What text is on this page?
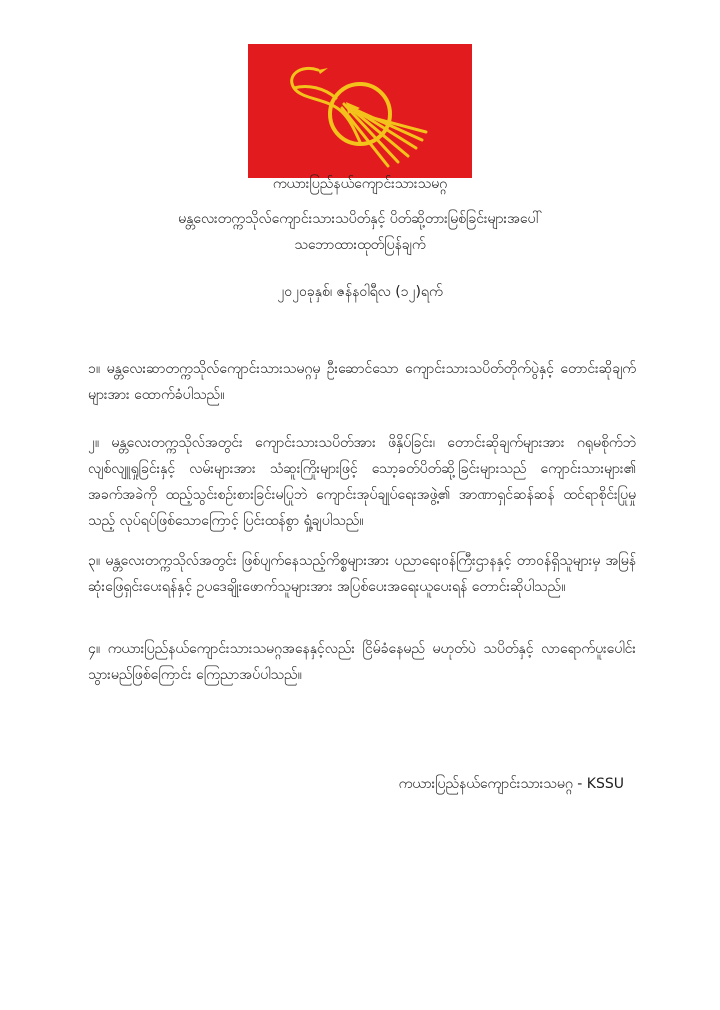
ကယားပြည်နယ်ကျောင်းသားသမဂ္ဂ
မန္တလေးတက္ကသိုလ်ကျောင်းသားသပိတ်နှင့် ပိတ်ဆို့တားမြစ်ခြင်းများအပေါ်
သဘောထားထုတ်ပြန်ချက်
၂၀၂၀ခုနှစ်၊ ဇန်နဝါရီလ (၁၂)ရက်
၁။ မန္တလေးဆာတက္ကသိုလ်ကျောင်းသားသမဂ္ဂမှ ဦးဆောင်သော ကျောင်းသားသပိတ်တိုက်ပွဲနှင့် တောင်းဆိုချက်များအား ထောက်ခံပါသည်။
၂။ မန္တလေးတက္ကသိုလ်အတွင်း ကျောင်းသားသပိတ်အား ဖိနှိပ်ခြင်း၊ တောင်းဆိုချက်များအား ဂရုမစိုက်ဘဲ လျစ်လျူရှုခြင်းနှင့် လမ်းများအား သံဆူးကြိုးများဖြင့် သော့ခတ်ပိတ်ဆို့ခြင်းများသည် ကျောင်းသားများ၏ အခက်အခဲကို ထည့်သွင်းစဉ်းစားခြင်းမပြုဘဲ ကျောင်းအုပ်ချုပ်ရေးအဖွဲ့၏ အာဏာရှင်ဆန်ဆန် ထင်ရာစိုင်းပြုမှုသည့် လုပ်ရပ်ဖြစ်သောကြောင့် ပြင်းထန်စွာ ရှုံ့ချပါသည်။
၃။ မန္တလေးတက္ကသိုလ်အတွင်း ဖြစ်ပျက်နေသည့်ကိစ္စများအား ပညာရေးဝန်ကြီးဌာနနှင့် တာဝန်ရှိသူများမှ အမြန်ဆုံးဖြေရှင်းပေးရန်နှင့် ဥပဒေချိုးဖောက်သူများအား အပြစ်ပေးအရေးယူပေးရန် တောင်းဆိုပါသည်။
၄။ ကယားပြည်နယ်ကျောင်းသားသမဂ္ဂအနေနှင့်လည်း ငြိမ်ခံနေမည် မဟုတ်ပဲ သပိတ်နှင့် လာရောက်ပူးပေါင်းသွားမည်ဖြစ်ကြောင်း ကြေညာအပ်ပါသည်။
ကယားပြည်နယ်ကျောင်းသားသမဂ္ဂ - KSSU
